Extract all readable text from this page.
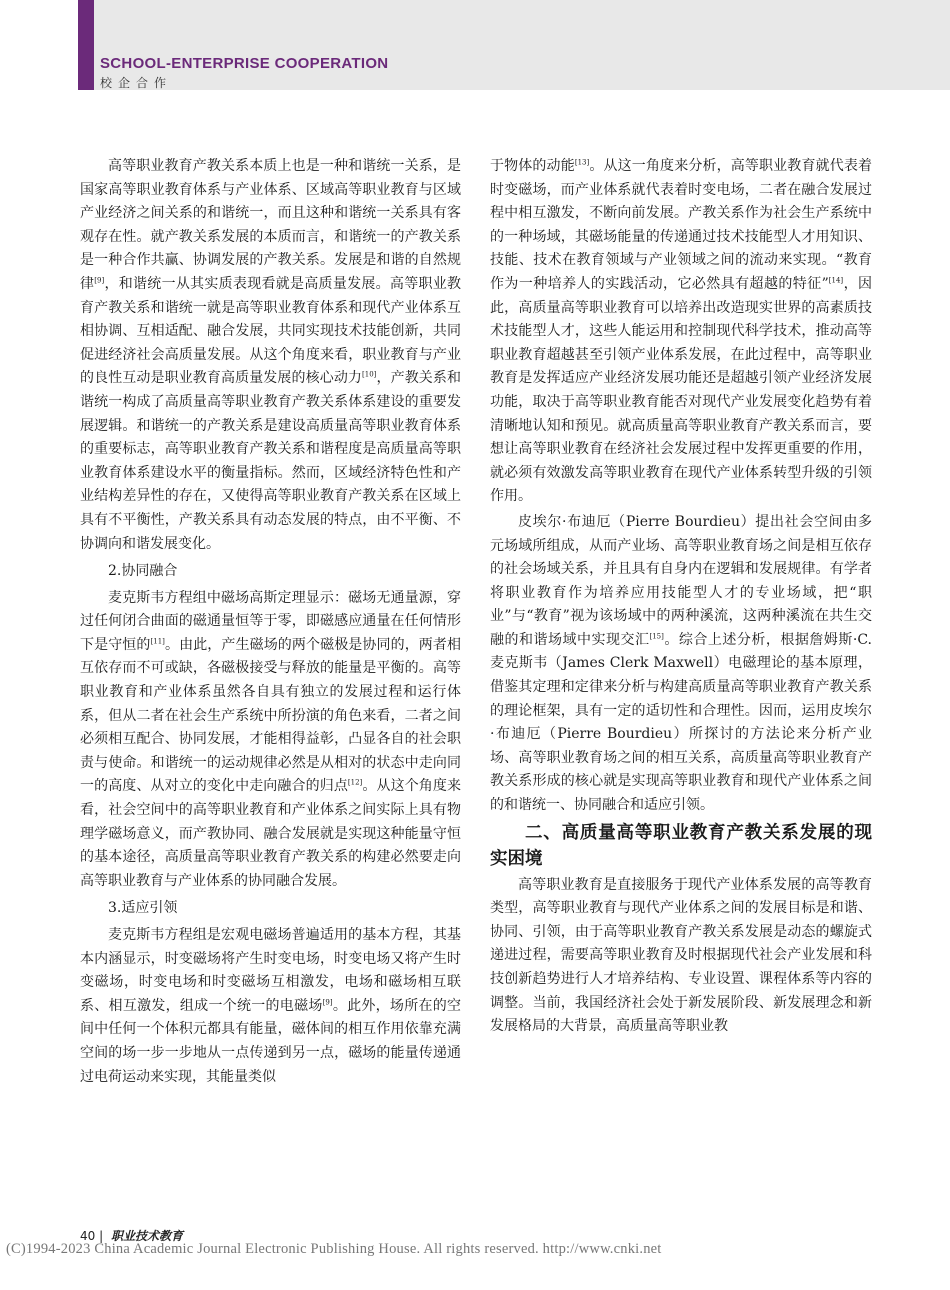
SCHOOL-ENTERPRISE COOPERATION
校企合作

高等职业教育产教关系本质上也是一种和谐统一关系，是国家高等职业教育体系与产业体系、区域高等职业教育与区域产业经济之间关系的和谐统一，而且这种和谐统一关系具有客观存在性。就产教关系发展的本质而言，和谐统一的产教关系是一种合作共赢、协调发展的产教关系。发展是和谐的自然规律[9]，和谐统一从其实质表现看就是高质量发展。高等职业教育产教关系和谐统一就是高等职业教育体系和现代产业体系互相协调、互相适配、融合发展，共同实现技术技能创新，共同促进经济社会高质量发展。从这个角度来看，职业教育与产业的良性互动是职业教育高质量发展的核心动力[10]，产教关系和谐统一构成了高质量高等职业教育产教关系体系建设的重要发展逻辑。和谐统一的产教关系是建设高质量高等职业教育体系的重要标志，高等职业教育产教关系和谐程度是高质量高等职业教育体系建设水平的衡量指标。然而，区域经济特色性和产业结构差异性的存在，又使得高等职业教育产教关系在区域上具有不平衡性，产教关系具有动态发展的特点，由不平衡、不协调向和谐发展变化。

2.协同融合

麦克斯韦方程组中磁场高斯定理显示：磁场无通量源，穿过任何闭合曲面的磁通量恒等于零，即磁感应通量在任何情形下是守恒的[11]。由此，产生磁场的两个磁极是协同的，两者相互依存而不可或缺，各磁极接受与释放的能量是平衡的。高等职业教育和产业体系虽然各自具有独立的发展过程和运行体系，但从二者在社会生产系统中所扮演的角色来看，二者之间必须相互配合、协同发展，才能相得益彰，凸显各自的社会职责与使命。和谐统一的运动规律必然是从相对的状态中走向同一的高度、从对立的变化中走向融合的归点[12]。从这个角度来看，社会空间中的高等职业教育和产业体系之间实际上具有物理学磁场意义，而产教协同、融合发展就是实现这种能量守恒的基本途径，高质量高等职业教育产教关系的构建必然要走向高等职业教育与产业体系的协同融合发展。

3.适应引领

麦克斯韦方程组是宏观电磁场普遍适用的基本方程，其基本内涵显示，时变磁场将产生时变电场，时变电场又将产生时变磁场，时变电场和时变磁场互相激发，电场和磁场相互联系、相互激发，组成一个统一的电磁场[9]。此外，场所在的空间中任何一个体积元都具有能量，磁体间的相互作用依靠充满空间的场一步一步地从一点传递到另一点，磁场的能量传递通过电荷运动来实现，其能量类似

于物体的动能[13]。从这一角度来分析，高等职业教育就代表着时变磁场，而产业体系就代表着时变电场，二者在融合发展过程中相互激发，不断向前发展。产教关系作为社会生产系统中的一种场域，其磁场能量的传递通过技术技能型人才用知识、技能、技术在教育领域与产业领域之间的流动来实现。“教育作为一种培养人的实践活动，它必然具有超越的特征”[14]，因此，高质量高等职业教育可以培养出改造现实世界的高素质技术技能型人才，这些人能运用和控制现代科学技术，推动高等职业教育超越甚至引领产业体系发展，在此过程中，高等职业教育是发挥适应产业经济发展功能还是超越引领产业经济发展功能，取决于高等职业教育能否对现代产业发展变化趋势有着清晰地认知和预见。就高质量高等职业教育产教关系而言，要想让高等职业教育在经济社会发展过程中发挥更重要的作用，就必须有效激发高等职业教育在现代产业体系转型升级的引领作用。

皮埃尔·布迪厄（Pierre Bourdieu）提出社会空间由多元场域所组成，从而产业场、高等职业教育场之间是相互依存的社会场域关系，并且具有自身内在逻辑和发展规律。有学者将职业教育作为培养应用技能型人才的专业场域，把“职业”与“教育”视为该场域中的两种溪流，这两种溪流在共生交融的和谐场域中实现交汇[15]。综合上述分析，根据詹姆斯·C.麦克斯韦（James Clerk Maxwell）电磁理论的基本原理，借鉴其定理和定律来分析与构建高质量高等职业教育产教关系的理论框架，具有一定的适切性和合理性。因而，运用皮埃尔·布迪厄（Pierre Bourdieu）所探讨的方法论来分析产业场、高等职业教育场之间的相互关系，高质量高等职业教育产教关系形成的核心就是实现高等职业教育和现代产业体系之间的和谐统一、协同融合和适应引领。

二、高质量高等职业教育产教关系发展的现实困境

高等职业教育是直接服务于现代产业体系发展的高等教育类型，高等职业教育与现代产业体系之间的发展目标是和谐、协同、引领，由于高等职业教育产教关系发展是动态的螺旋式递进过程，需要高等职业教育及时根据现代社会产业发展和科技创新趋势进行人才培养结构、专业设置、课程体系等内容的调整。当前，我国经济社会处于新发展阶段、新发展理念和新发展格局的大背景，高质量高等职业教

40 | 职业技术教育
(C)1994-2023 China Academic Journal Electronic Publishing House. All rights reserved. http://www.cnki.net
